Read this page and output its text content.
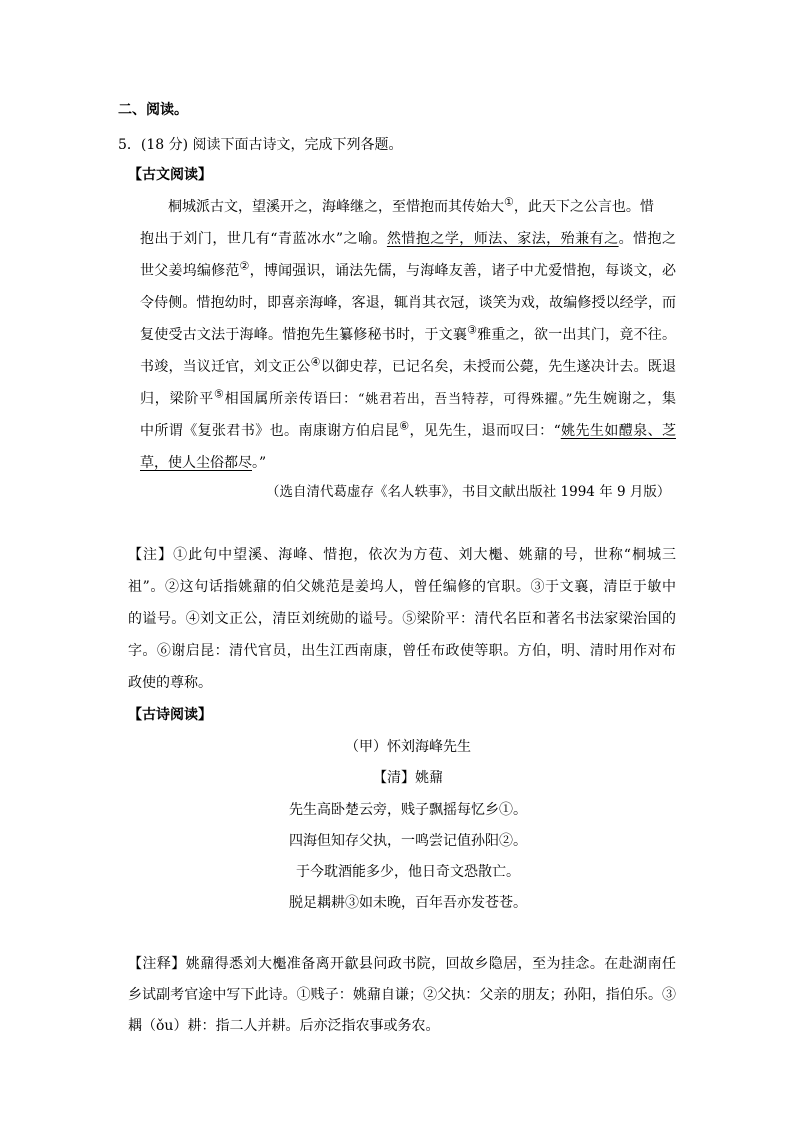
二、阅读。
5．(18 分) 阅读下面古诗文，完成下列各题。
【古文阅读】
桐城派古文，望溪开之，海峰继之，至惜抱而其传始大①，此天下之公言也。惜
抱出于刘门，世几有“青蓝冰水”之喻。然惜抱之学，师法、家法，殆兼有之。惜抱之
世父姜坞编修范②，博闻强识，诵法先儒，与海峰友善，诸子中尤爱惜抱，每谈文，必
令侍侧。惜抱幼时，即喜亲海峰，客退，辄肖其衣冠，谈笑为戏，故编修授以经学，而
复使受古文法于海峰。惜抱先生纂修秘书时，于文襄③雅重之，欲一出其门，竟不往。
书竣，当议迁官，刘文正公④以御史荐，已记名矣，未授而公薨，先生遂决计去。既退
归，梁阶平⑤相国属所亲传语曰：“姚君若出，吾当特荐，可得殊擢。”先生婉谢之，集
中所谓《复张君书》也。南康谢方伯启昆⑥，见先生，退而叹曰：“姚先生如醴泉、芝
草，使人尘俗都尽。”
（选自清代葛虚存《名人轶事》，书目文献出版社 1994 年 9 月版）
【注】①此句中望溪、海峰、惜抱，依次为方苞、刘大櫆、姚鼐的号，世称“桐城三
祖”。②这句话指姚鼐的伯父姚范是姜坞人，曾任编修的官职。③于文襄，清臣于敏中
的谥号。④刘文正公，清臣刘统勋的谥号。⑤梁阶平：清代名臣和著名书法家梁治国的
字。⑥谢启昆：清代官员，出生江西南康，曾任布政使等职。方伯，明、清时用作对布
政使的尊称。
【古诗阅读】
（甲）怀刘海峰先生
【清】姚鼐
先生高卧楚云旁，贱子飘摇每忆乡①。
四海但知存父执，一鸣尝记值孙阳②。
于今耽酒能多少，他日奇文恐散亡。
脱足耦耕③如未晚，百年吾亦发苍苍。
【注释】姚鼐得悉刘大櫆准备离开歙县问政书院，回故乡隐居，至为挂念。在赴湖南任
乡试副考官途中写下此诗。①贱子：姚鼐自谦；②父执：父亲的朋友；孙阳，指伯乐。③
耦（ǒu）耕：指二人并耕。后亦泛指农事或务农。
